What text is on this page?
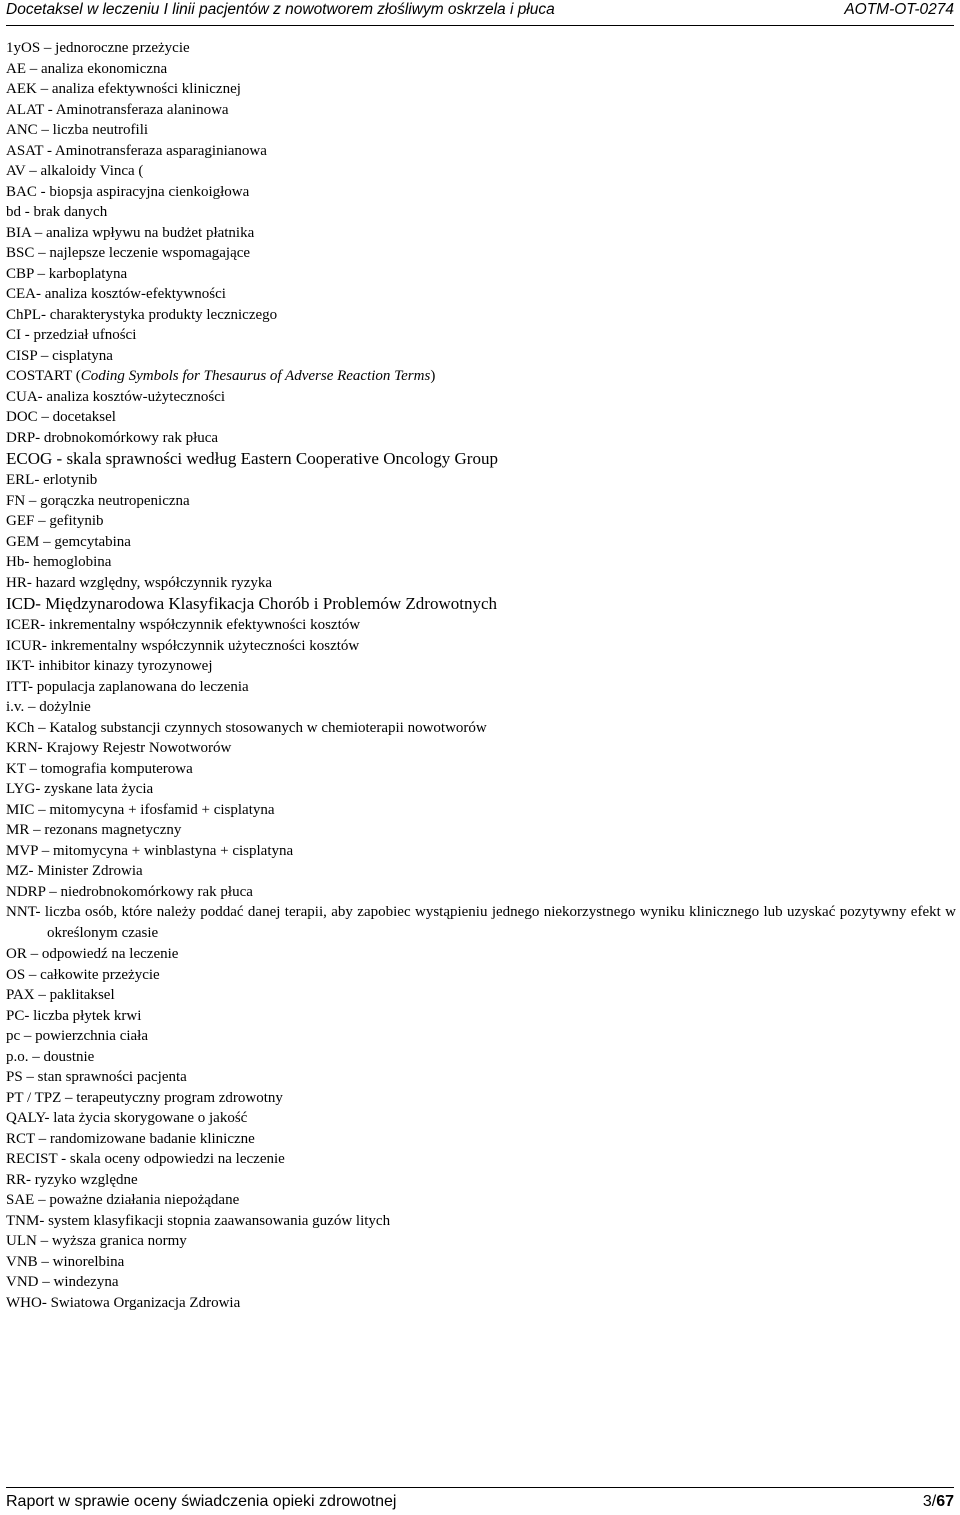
Docetaksel w leczeniu I linii pacjentów z nowotworem złośliwym oskrzela i płuca	AOTM-OT-0274
1yOS – jednoroczne przeżycie
AE – analiza ekonomiczna
AEK – analiza efektywności klinicznej
ALAT - Aminotransferaza alaninowa
ANC – liczba neutrofili
ASAT - Aminotransferaza asparaginianowa
AV – alkaloidy Vinca (
BAC - biopsja aspiracyjna cienkoigłowa
bd - brak danych
BIA – analiza wpływu na budżet płatnika
BSC – najlepsze leczenie wspomagające
CBP – karboplatyna
CEA- analiza kosztów-efektywności
ChPL- charakterystyka produkty leczniczego
CI - przedział ufności
CISP – cisplatyna
COSTART (Coding Symbols for Thesaurus of Adverse Reaction Terms)
CUA- analiza kosztów-użyteczności
DOC – docetaksel
DRP- drobnokomórkowy rak płuca
ECOG - skala sprawności według Eastern Cooperative Oncology Group
ERL- erlotynib
FN – gorączka neutropeniczna
GEF – gefitynib
GEM – gemcytabina
Hb- hemoglobina
HR- hazard względny, współczynnik ryzyka
ICD- Międzynarodowa Klasyfikacja Chorób i Problemów Zdrowotnych
ICER- inkrementalny współczynnik efektywności kosztów
ICUR- inkrementalny współczynnik użyteczności kosztów
IKT- inhibitor kinazy tyrozynowej
ITT- populacja zaplanowana do leczenia
i.v. – dożylnie
KCh – Katalog substancji czynnych stosowanych w chemioterapii nowotworów
KRN- Krajowy Rejestr Nowotworów
KT – tomografia komputerowa
LYG- zyskane lata życia
MIC – mitomycyna + ifosfamid + cisplatyna
MR – rezonans magnetyczny
MVP – mitomycyna + winblastyna + cisplatyna
MZ- Minister Zdrowia
NDRP – niedrobnokomórkowy rak płuca
NNT- liczba osób, które należy poddać danej terapii, aby zapobiec wystąpieniu jednego niekorzystnego wyniku klinicznego lub uzyskać pozytywny efekt w określonym czasie
OR – odpowiedź na leczenie
OS – całkowite przeżycie
PAX – paklitaksel
PC- liczba płytek krwi
pc – powierzchnia ciała
p.o. – doustnie
PS – stan sprawności pacjenta
PT / TPZ – terapeutyczny program zdrowotny
QALY- lata życia skorygowane o jakość
RCT – randomizowane badanie kliniczne
RECIST - skala oceny odpowiedzi na leczenie
RR- ryzyko względne
SAE – poważne działania niepożądane
TNM- system klasyfikacji stopnia zaawansowania guzów litych
ULN – wyższa granica normy
VNB – winorelbina
VND – windezyna
WHO- Swiatowa Organizacja Zdrowia
Raport w sprawie oceny świadczenia opieki zdrowotnej	3/67
